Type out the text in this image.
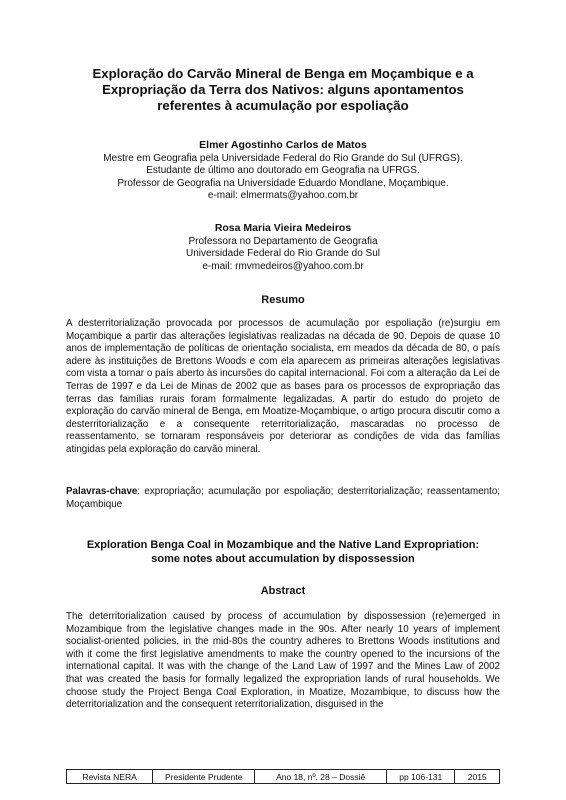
Exploração do Carvão Mineral de Benga em Moçambique e a
Expropriação da Terra dos Nativos: alguns apontamentos
referentes à acumulação por espoliação
Elmer Agostinho Carlos de Matos
Mestre em Geografia pela Universidade Federal do Rio Grande do Sul (UFRGS).
Estudante de último ano doutorado em Geografia na UFRGS.
Professor de Geografia na Universidade Eduardo Mondlane, Moçambique.
e-mail: elmermats@yahoo.com.br
Rosa Maria Vieira Medeiros
Professora no Departamento de Geografia
Universidade Federal do Rio Grande do Sul
e-mail: rmvmedeiros@yahoo.com.br
Resumo
A desterritorialização provocada por processos de acumulação por espoliação (re)surgiu em Moçambique a partir das alterações legislativas realizadas na década de 90. Depois de quase 10 anos de implementação de políticas de orientação socialista, em meados da década de 80, o país adere às instituições de Brettons Woods e com ela aparecem as primeiras alterações legislativas com vista a tornar o país aberto às incursões do capital internacional. Foi com a alteração da Lei de Terras de 1997 e da Lei de Minas de 2002 que as bases para os processos de expropriação das terras das famílias rurais foram formalmente legalizadas. A partir do estudo do projeto de exploração do carvão mineral de Benga, em Moatize-Moçambique, o artigo procura discutir como a desterritorialização e a consequente reterritorialização, mascaradas no processo de reassentamento, se tornaram responsáveis por deteriorar as condições de vida das famílias atingidas pela exploração do carvão mineral.
Palavras-chave: expropriação; acumulação por espoliação; desterritorialização; reassentamento; Moçambique
Exploration Benga Coal in Mozambique and the Native Land Expropriation:
some notes about accumulation by dispossession
Abstract
The deterritorialization caused by process of accumulation by dispossession (re)emerged in Mozambique from the legislative changes made in the 90s. After nearly 10 years of implement socialist-oriented policies, in the mid-80s the country adheres to Brettons Woods institutions and with it come the first legislative amendments to make the country opened to the incursions of the international capital. It was with the change of the Land Law of 1997 and the Mines Law of 2002 that was created the basis for formally legalized the expropriation lands of rural households. We choose study the Project Benga Coal Exploration, in Moatize, Mozambique, to discuss how the deterritorialization and the consequent reterritorialization, disguised in the
Revista NERA	Presidente Prudente	Ano 18, nº. 28 – Dossiê	pp 106-131	2015
